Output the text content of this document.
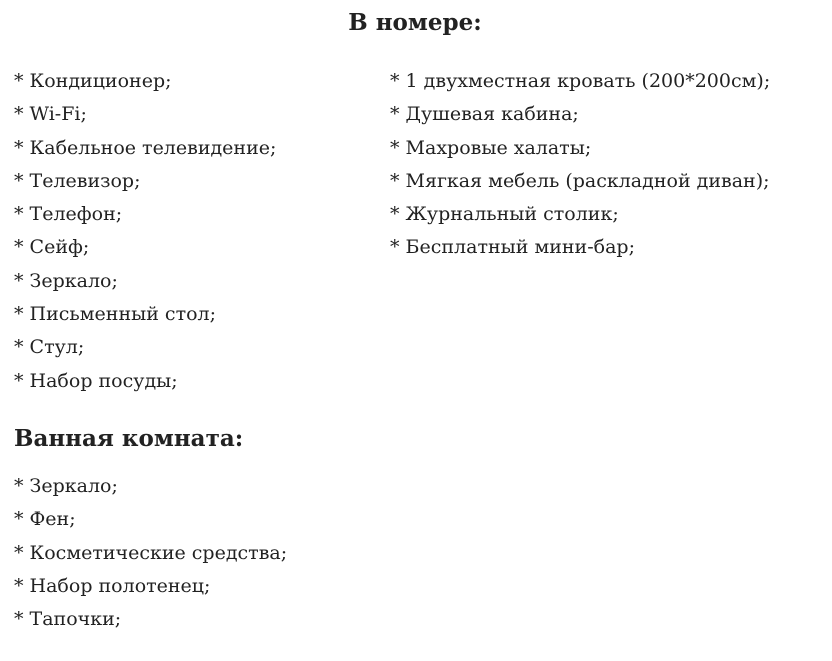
В номере:
* Кондиционер;
* Wi-Fi;
* Кабельное телевидение;
* Телевизор;
* Телефон;
* Сейф;
* Зеркало;
* Письменный стол;
* Стул;
* Набор посуды;
* 1 двухместная кровать (200*200см);
* Душевая кабина;
* Махровые халаты;
* Мягкая мебель (раскладной диван);
* Журнальный столик;
* Бесплатный мини-бар;
Ванная комната:
* Зеркало;
* Фен;
* Косметические средства;
* Набор полотенец;
* Тапочки;
